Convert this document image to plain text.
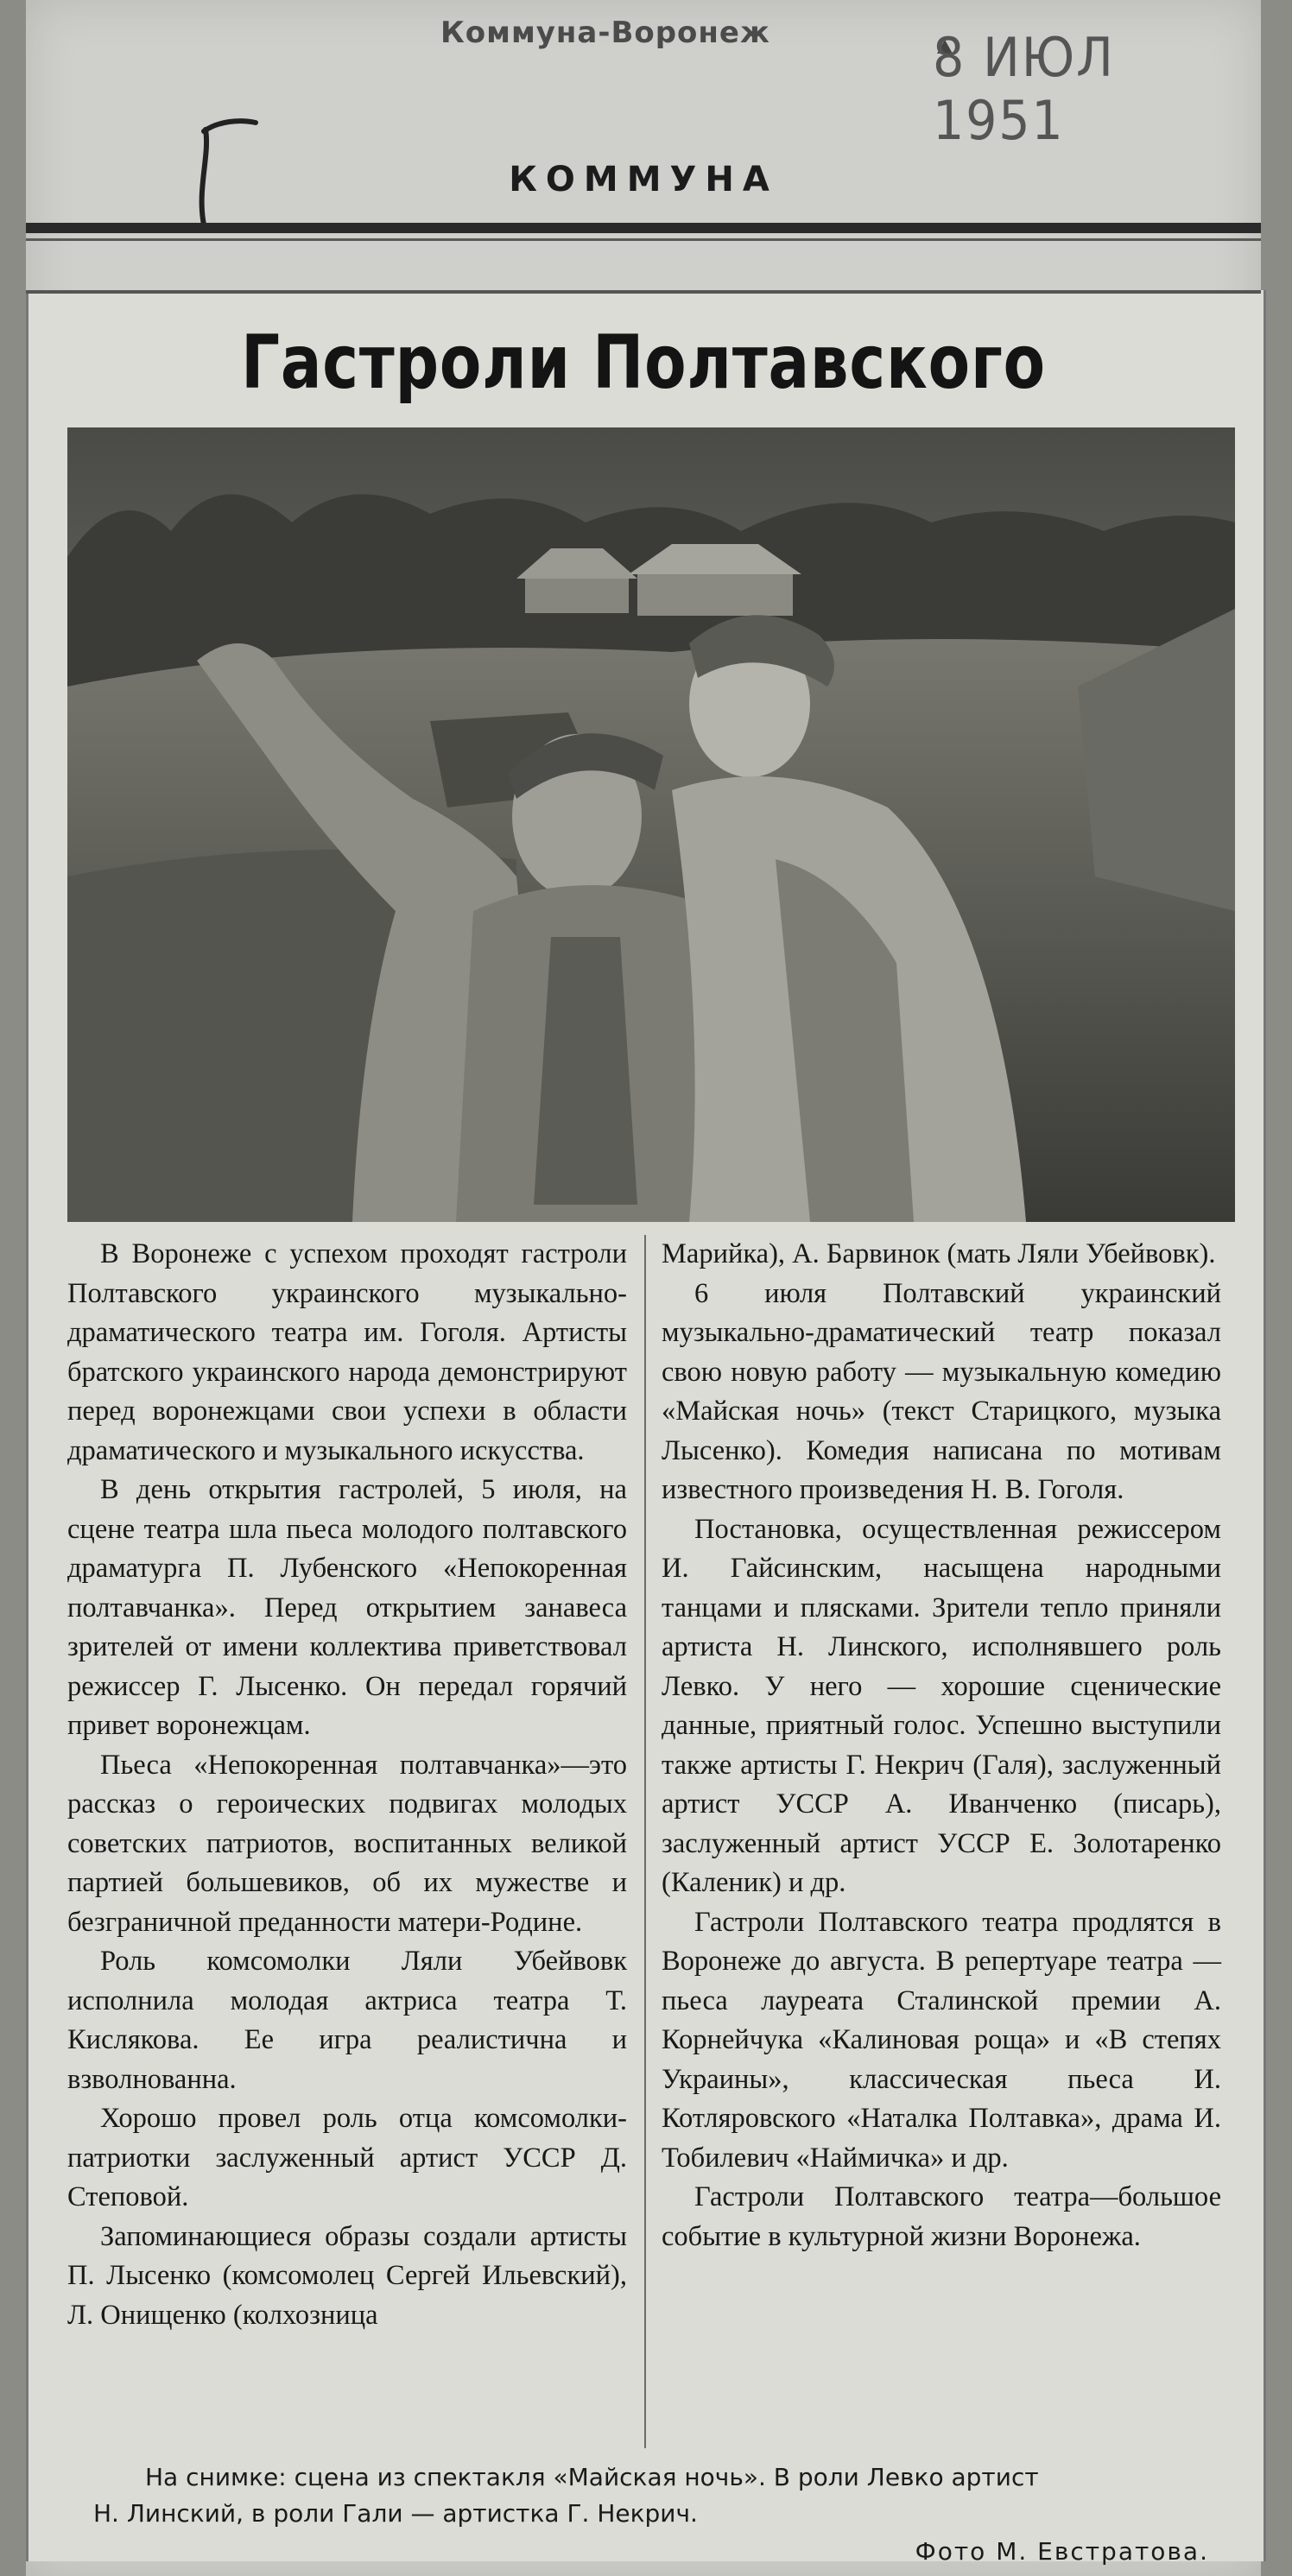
Коммуна-Воронеж	8 ИЮЛ 1951
КОММУНА
Гастроли Полтавского

В Воронеже с успехом проходят гастроли Полтавского украинского музыкально-драматического театра им. Гоголя. Артисты братского украинского народа демонстрируют перед воронежцами свои успехи в области драматического и музыкального искусства.

В день открытия гастролей, 5 июля, на сцене театра шла пьеса молодого полтавского драматурга П. Лубенского «Непокоренная полтавчанка». Перед открытием занавеса зрителей от имени коллектива приветствовал режиссер Г. Лысенко. Он передал горячий привет воронежцам.

Пьеса «Непокоренная полтавчанка»—это рассказ о героических подвигах молодых советских патриотов, воспитанных великой партией большевиков, об их мужестве и безграничной преданности матери-Родине.

Роль комсомолки Ляли Убейвовк исполнила молодая актриса театра Т. Кислякова. Ее игра реалистична и взволнованна.

Хорошо провел роль отца комсомолки-патриотки заслуженный артист УССР Д. Степовой.

Запоминающиеся образы создали артисты П. Лысенко (комсомолец Сергей Ильевский), Л. Онищенко (колхозница

Марийка), А. Барвинок (мать Ляли Убейвовк).

6 июля Полтавский украинский музыкально-драматический театр показал свою новую работу — музыкальную комедию «Майская ночь» (текст Старицкого, музыка Лысенко). Комедия написана по мотивам известного произведения Н. В. Гоголя.

Постановка, осуществленная режиссером И. Гайсинским, насыщена народными танцами и плясками. Зрители тепло приняли артиста Н. Линского, исполнявшего роль Левко. У него — хорошие сценические данные, приятный голос. Успешно выступили также артисты Г. Некрич (Галя), заслуженный артист УССР А. Иванченко (писарь), заслуженный артист УССР Е. Золотаренко (Каленик) и др.

Гастроли Полтавского театра продлятся в Воронеже до августа. В репертуаре театра — пьеса лауреата Сталинской премии А. Корнейчука «Калиновая роща» и «В степях Украины», классическая пьеса И. Котляровского «Наталка Полтавка», драма И. Тобилевич «Наймичка» и др.

Гастроли Полтавского театра—большое событие в культурной жизни Воронежа.

На снимке: сцена из спектакля «Майская ночь». В роли Левко артист
Н. Линский, в роли Гали — артистка Г. Некрич.
Фото М. Евстратова.
